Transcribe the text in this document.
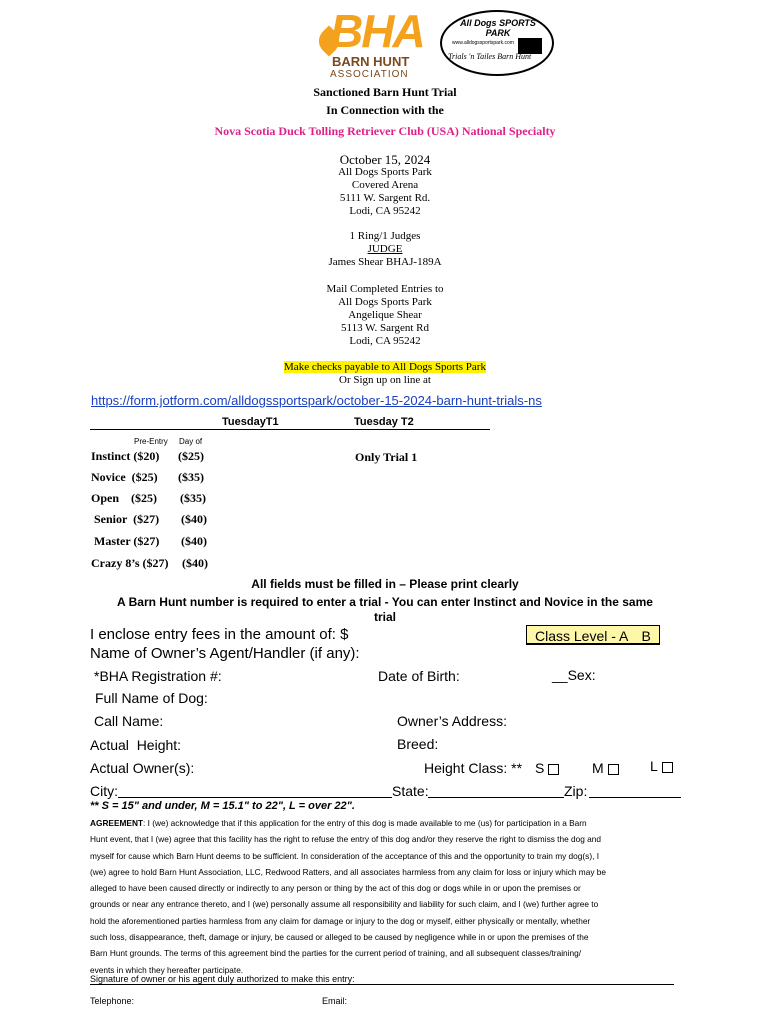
BHA
BARN HUNT
ASSOCIATION
All Dogs SPORTS PARK
www.alldogssportspark.com
Trials 'n Tailes Barn Hunt
Sanctioned Barn Hunt Trial
In Connection with the
Nova Scotia Duck Tolling Retriever Club (USA) National Specialty
October 15, 2024
All Dogs Sports Park
Covered Arena
5111 W. Sargent Rd.
Lodi, CA 95242
1 Ring/1 Judges
JUDGE
James Shear BHAJ-189A
Mail Completed Entries to
All Dogs Sports Park
Angelique Shear
5113 W. Sargent Rd
Lodi, CA 95242
Make checks payable to All Dogs Sports Park
Or Sign up on line at
https://form.jotform.com/alldogssportspark/october-15-2024-barn-hunt-trials-ns
TuesdayT1	Tuesday T2
Pre-Entry Day of
Only Trial 1
Instinct ($20) ($25)
Novice  ($25) ($35)
Open    ($25) ($35)
Senior  ($27) ($40)
Master ($27) ($40)
Crazy 8’s ($27) ($40)
All fields must be filled in – Please print clearly
A Barn Hunt number is required to enter a trial - You can enter Instinct and Novice in the same
trial
I enclose entry fees in the amount of: $	Class Level - A B
Name of Owner’s Agent/Handler (if any):
*BHA Registration #:	Date of Birth:	__Sex:
Full Name of Dog:
Call Name:	Owner’s Address:
Actual  Height:	Breed:
Actual Owner(s):	Height Class: ** S	M	L
City:	State:	Zip:
** S = 15" and under, M = 15.1" to 22", L = over 22".
AGREEMENT: I (we) acknowledge that if this application for the entry of this dog is made available to me (us) for participation in a Barn
Hunt event, that I (we) agree that this facility has the right to refuse the entry of this dog and/or they reserve the right to dismiss the dog and
myself for cause which Barn Hunt deems to be sufficient. In consideration of the acceptance of this and the opportunity to train my dog(s), I
(we) agree to hold Barn Hunt Association, LLC, Redwood Ratters, and all associates harmless from any claim for loss or injury which may be
alleged to have been caused directly or indirectly to any person or thing by the act of this dog or dogs while in or upon the premises or
grounds or near any entrance thereto, and I (we) personally assume all responsibility and liability for such claim, and I (we) further agree to
hold the aforementioned parties harmless from any claim for damage or injury to the dog or myself, either physically or mentally, whether
such loss, disappearance, theft, damage or injury, be caused or alleged to be caused by negligence while in or upon the premises of the
Barn Hunt grounds. The terms of this agreement bind the parties for the current period of training, and all subsequent classes/training/
events in which they hereafter participate.
Signature of owner or his agent duly authorized to make this entry:
Telephone:	Email:
